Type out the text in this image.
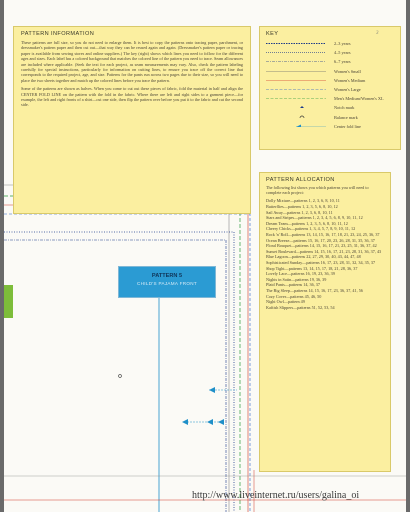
PATTERN INFORMATION

These patterns are full size, so you do not need to enlarge them. It is best to copy the patterns onto tracing paper, parchment, or dressmaker's pattern paper and then cut out—that way they can be reused again and again. (Dressmaker's pattern paper or tracing paper is available from sewing stores and online suppliers.) The key (right) shows which lines you need to follow for the different ages and sizes. Each label has a colored background that matches the colored line of the pattern you need to trace. Seam allowances are included where applicable. (Seek the text for each project, as seam measurements may vary. Also, check the pattern labeling carefully for special instructions, particularly for information on cutting lines, to ensure you trace off the correct line that corresponds to the required project, age, and size. Patterns for the pants run across two pages due to their size, so you will need to place the two sheets together and match up the colored lines before you trace the pattern.

Some of the patterns are shown as halves. When you come to cut out these pieces of fabric, fold the material in half and align the CENTER FOLD LINE on the pattern with the fold in the fabric. Where there are left and right sides to a garment piece—for example, the left and right fronts of a shirt—cut one side, then flip the pattern over before you put it to the fabric and cut the second side.

KEY	3
2–3 years
4–5 years
6–7 years
Women's Small
Women's Medium
Women's Large
Men's Medium/Women's XL
Notch mark
Balance mark
Center fold line
PATTERN ALLOCATION

The following list shows you which patterns you will need to complete each project:

Dolly Mixture—patterns 1, 2, 3, 6, 8, 10, 11
Butterflies—patterns 1, 2, 3, 5, 6, 8, 10, 12
Sail Away—patterns 1, 2, 3, 6, 8, 10, 11
Stars and Stripes—patterns 1, 2, 3, 4, 5, 6, 8, 9, 10, 11, 12
Dream Team—patterns 1, 2, 3, 5, 6, 8, 10, 11, 12
Cheery Chicks—patterns 1, 3, 4, 5, 7, 8, 9, 10, 11, 12
Rock 'n' Roll—patterns 13, 14, 15, 16, 17, 18, 21, 23, 24, 25, 36, 37
Ocean Breeze—patterns 15, 16, 17, 20, 23, 26, 28, 31, 35, 36, 37
Floral Bouquet—patterns 14, 15, 16, 17, 21, 23, 25, 31, 36, 37, 42
Sunset Boulevard—patterns 14, 15, 16, 17, 21, 23, 28, 31, 36, 37, 43
Blue Lagoon—patterns 22, 27, 29, 30, 40, 43, 44, 47, 48
Sophisticated Sunday—patterns 16, 17, 23, 28, 31, 32, 34, 35, 37
Shop Tight—patterns 13, 14, 15, 17, 18, 21, 28, 36, 37
Lovely Lace—patterns 16, 19, 23, 36, 39
Nights in Satin—patterns 19, 36, 39
Plaid Pants—patterns 14, 36, 37
The Big Sleep—patterns 14, 15, 16, 17, 23, 36, 37, 41, 56
Cozy Cover—patterns 45, 46, 50
Night Owl—pattern 49
Kaftish Slippers—patterns 51, 52, 53, 54
PATTERN 5
CHILD'S PAJAMA FRONT
http://www.liveinternet.ru/users/galina_oi
